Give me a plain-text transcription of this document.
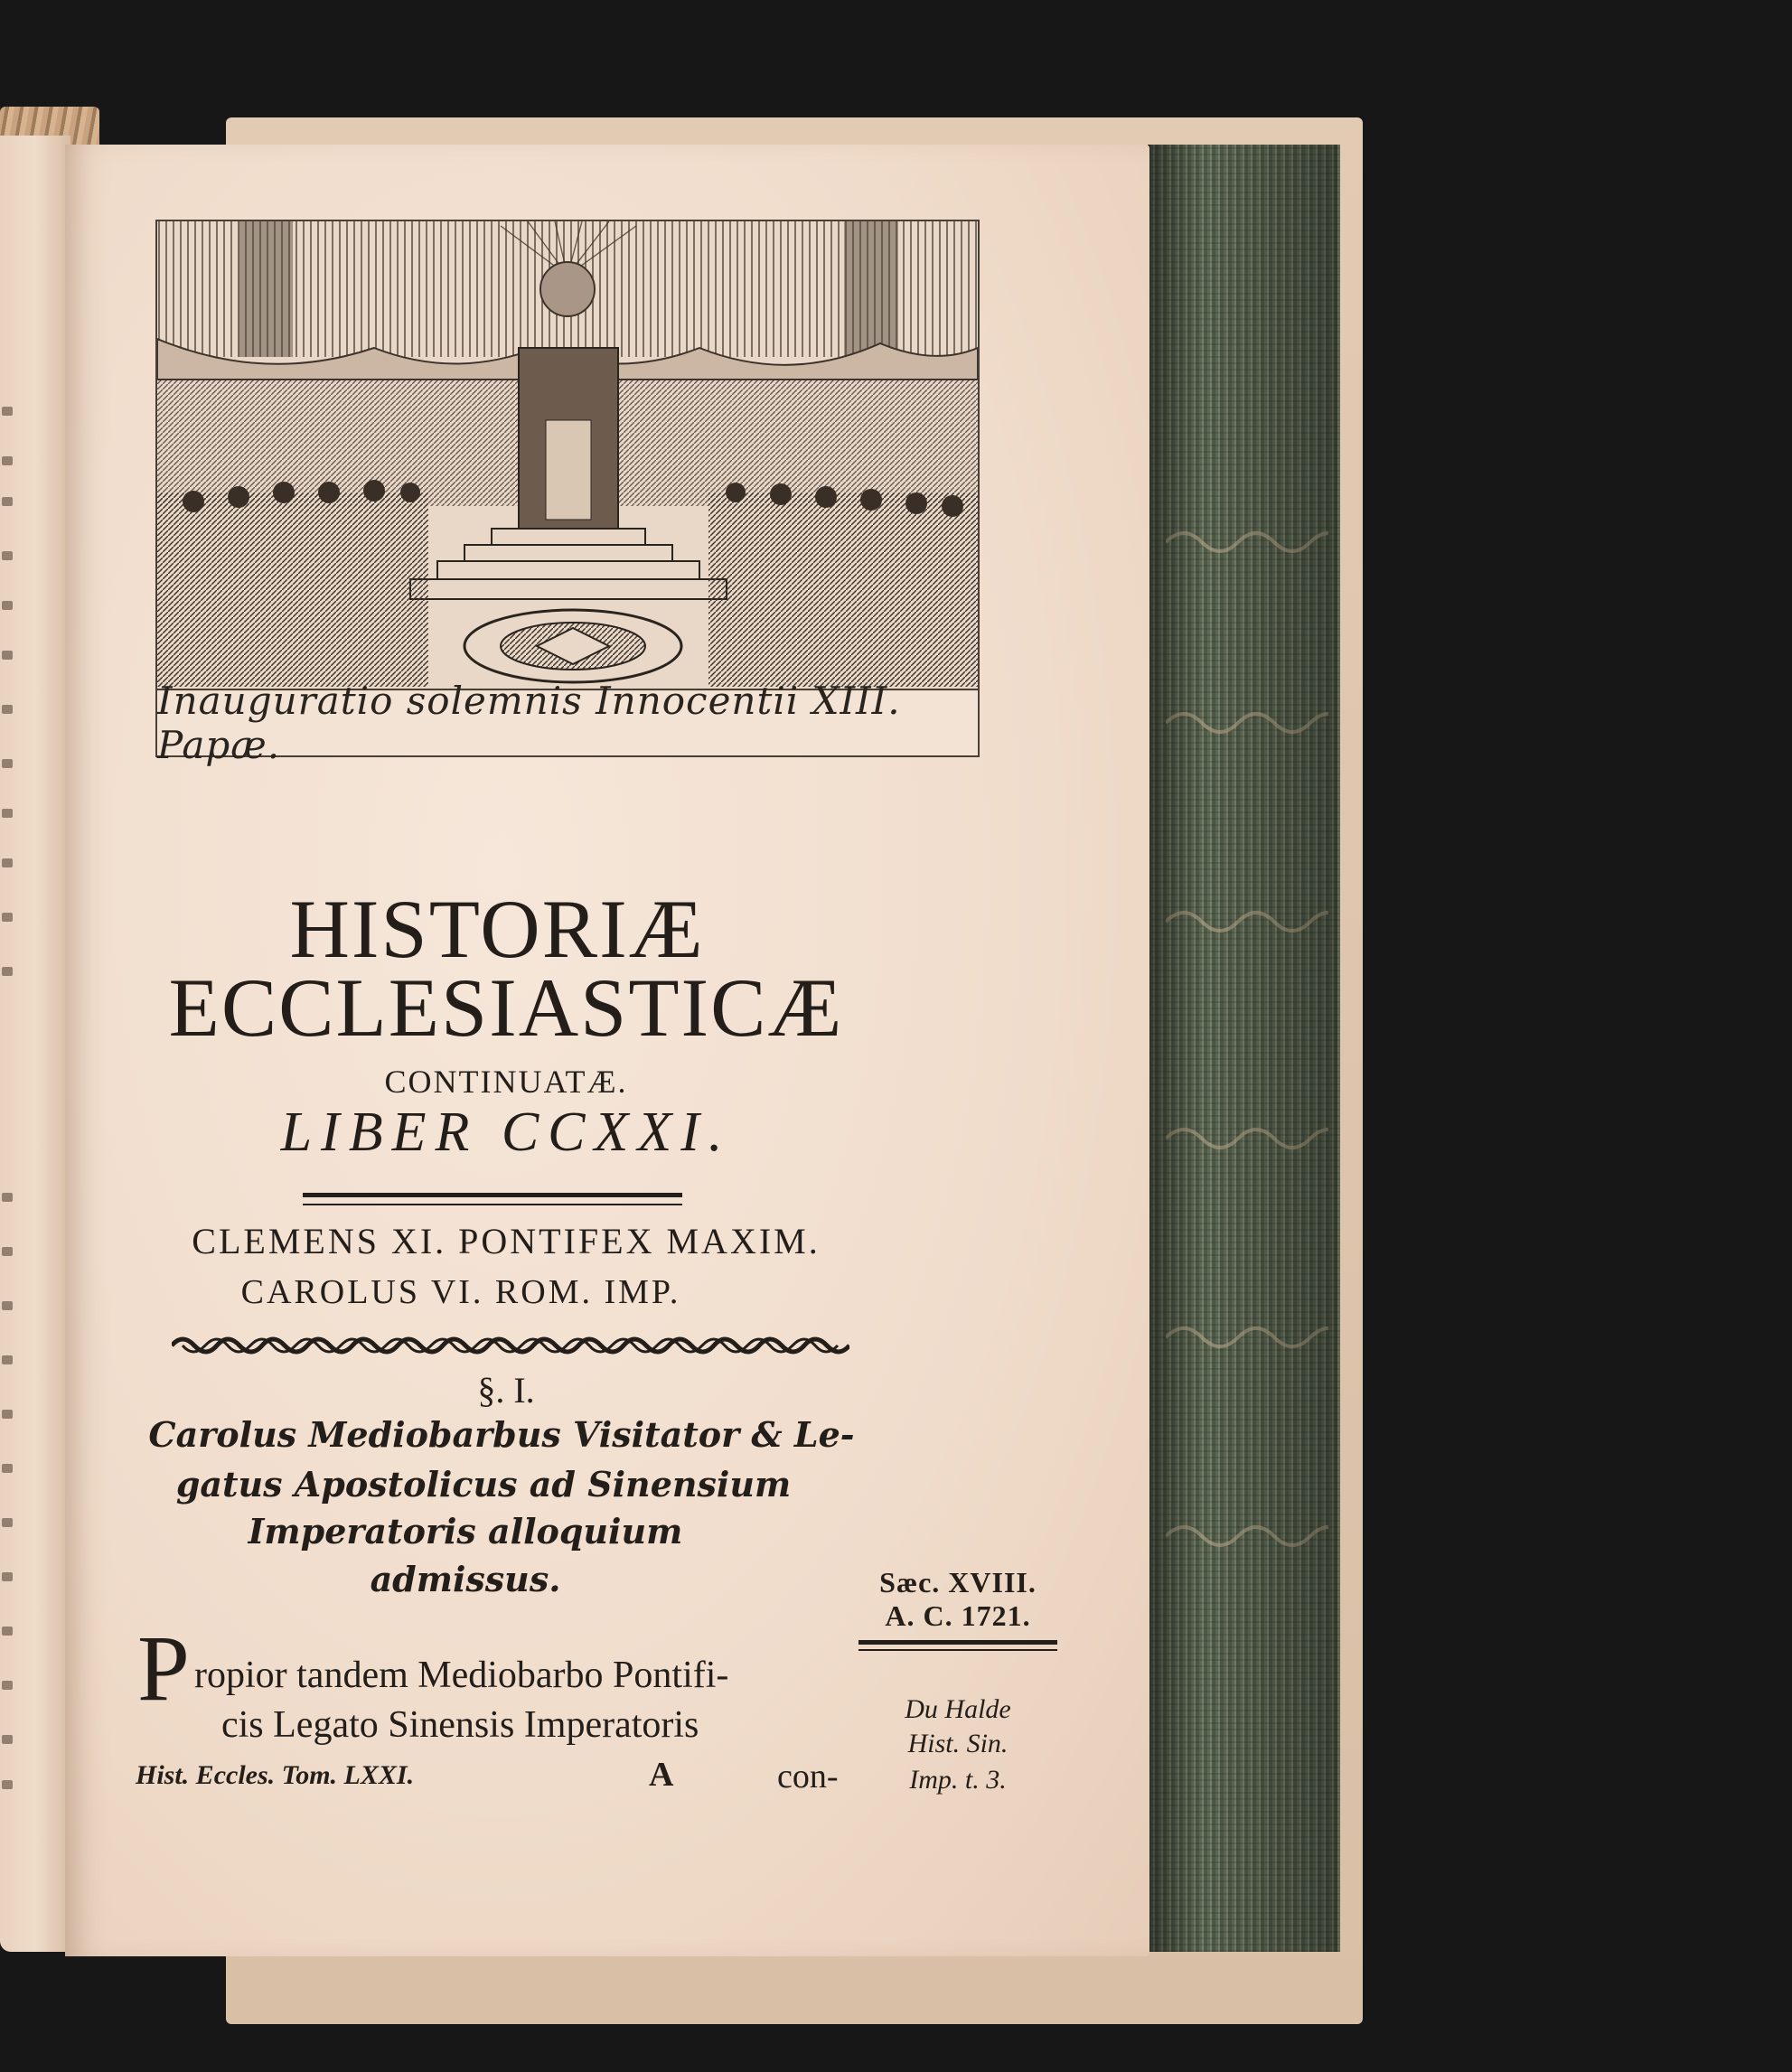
Inauguratio solemnis Innocentii XIII. Papæ.
HISTORIÆ
ECCLESIASTICÆ
CONTINUATÆ.
LIBER CCXXI.
CLEMENS XI. PONTIFEX MAXIM.
CAROLUS VI. ROM. IMP.
§. I.
Carolus Mediobarbus Visitator & Le-
gatus Apostolicus ad Sinensium
Imperatoris alloquium
admissus.
P ropior tandem Mediobarbo Pontifi-
cis Legato Sinensis Imperatoris
Hist. Eccles. Tom. LXXI.	A	con-
Sæc. XVIII.
A. C. 1721.
Du Halde
Hist. Sin.
Imp. t. 3.
